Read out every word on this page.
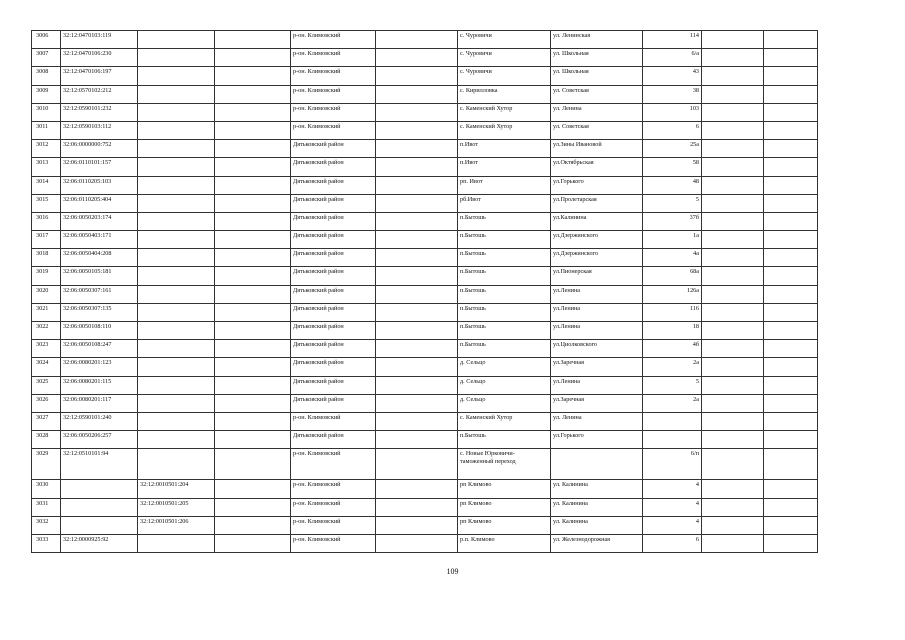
3006	32:12:0470103:119			р-он. Климовский		с. Чуровичи	ул. Ленинская	114		
3007	32:12:0470106:230			р-он. Климовский		с. Чуровичи	ул. Школьная	6/а		
3008	32:12:0470106:197			р-он. Климовский		с. Чуровичи	ул. Школьная	43		
3009	32:12:0570102:212			р-он. Климовский		с. Кирилловка	ул. Советская	38		
3010	32:12:0590101:232			р-он. Климовский		с. Каменский Хутор	ул. Ленина	103		
3011	32:12:0590103:112			р-он. Климовский		с. Каменский Хутор	ул. Советская	6		
3012	32:06:0000000:752			Дятьковский район		п.Ивот	ул.Зины Ивановой	25а		
3013	32:06:0110101:157			Дятьковский район		п.Ивот	ул.Октябрьская	58		
3014	32:06:0110205:103			Дятьковский район		рп. Ивот	ул.Горького	48		
3015	32:06:0110205:404			Дятьковский район		рб.Ивот	ул.Пролетарская	5		
3016	32:06:0050203:174			Дятьковский район		п.Бытошь	ул.Калинина	37б		
3017	32:06:0050403:171			Дятьковский район		п.Бытошь	ул.Дзержинского	1а		
3018	32:06:0050404:208			Дятьковский район		п.Бытошь	ул.Дзержинского	4а		
3019	32:06:0050105:181			Дятьковский район		п.Бытошь	ул.Пионерская	68а		
3020	32:06:0050307:161			Дятьковский район		п.Бытошь	ул.Ленина	126а		
3021	32:06:0050307:135			Дятьковский район		п.Бытошь	ул.Ленина	116		
3022	32:06:0050108:110			Дятьковский район		п.Бытошь	ул.Ленина	18		
3023	32:06:0050108:247			Дятьковский район		п.Бытошь	ул.Циолковского	4б		
3024	32:06:0080201:123			Дятьковский район		д. Сельцо	ул.Заречная	2а		
3025	32:06:0080201:115			Дятьковский район		д. Сельцо	ул.Ленина	5		
3026	32:06:0080201:117			Дятьковский район		д. Сельцо	ул.Заречная	2а		
3027	32:12:0590101:240			р-он. Климовский		с. Каменский Хутор	ул. Ленина			
3028	32:06:0050206:257			Дятьковский район		п.Бытошь	ул.Горького			
3029	32:12:0510101:94			р-он. Климовский		с. Новые Юрковичи-таможенный переход		6/п		
3030		32:12:0010501:204		р-он. Климовский		рп Климово	ул. Калинина	4		
3031		32:12:0010501:205		р-он. Климовский		рп Климово	ул. Калинина	4		
3032		32:12:0010501:206		р-он. Климовский		рп Климово	ул. Калинина	4		
3033	32:12:0000925:92			р-он. Климовский		р.п. Климово	ул. Железнодорожная	6		
109
